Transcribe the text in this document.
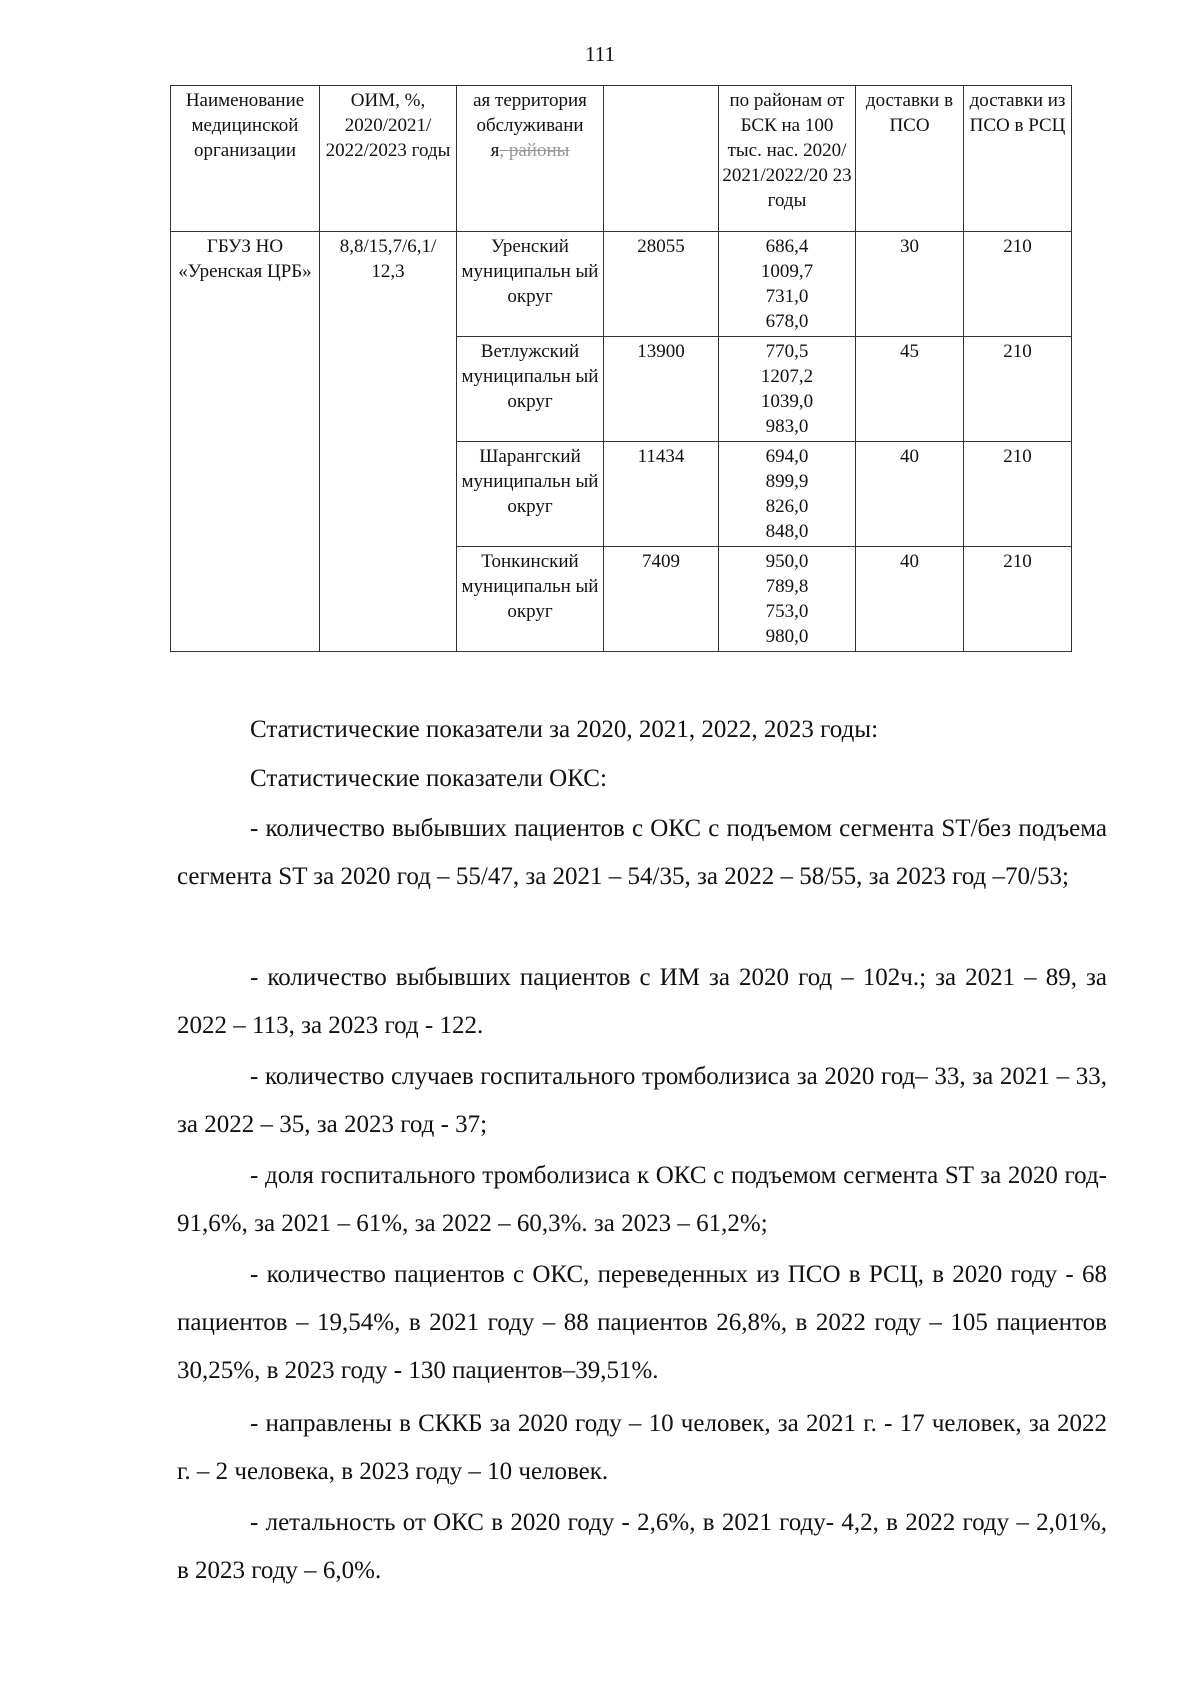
111
Наименование медицинской организации	ОИМ, %, 2020/2021/ 2022/2023 годы	ая территория обслуживани
я, районы		по районам от БСК на 100 тыс. нас. 2020/ 2021/2022/20 23 годы	доставки в ПСО	доставки из ПСО в РСЦ
ГБУЗ НО «Уренская ЦРБ»	8,8/15,7/6,1/ 12,3	Уренский муниципальн ый округ	28055	686,4
1009,7
731,0
678,0	30	210
		Ветлужский муниципальн ый округ	13900	770,5
1207,2
1039,0
983,0	45	210
		Шарангский муниципальн ый округ	11434	694,0
899,9
826,0
848,0	40	210
		Тонкинский муниципальн ый округ	7409	950,0
789,8
753,0
980,0	40	210

Статистические показатели за 2020, 2021, 2022, 2023 годы:

Статистические показатели ОКС:

- количество выбывших пациентов с ОКС с подъемом сегмента ST/без подъема сегмента ST за 2020 год – 55/47, за 2021 – 54/35, за 2022 – 58/55, за 2023 год –70/53;

- количество выбывших пациентов с ИМ за 2020 год – 102ч.; за 2021 – 89, за 2022 – 113, за 2023 год - 122.

- количество случаев госпитального тромболизиса за 2020 год– 33, за 2021 – 33, за 2022 – 35, за 2023 год - 37;

- доля госпитального тромболизиса к ОКС с подъемом сегмента ST за 2020 год- 91,6%, за 2021 – 61%, за 2022 – 60,3%. за 2023 – 61,2%;

- количество пациентов с ОКС, переведенных из ПСО в РСЦ, в 2020 году - 68 пациентов – 19,54%, в 2021 году – 88 пациентов 26,8%, в 2022 году – 105 пациентов 30,25%, в 2023 году - 130 пациентов–39,51%.

- направлены в СККБ за 2020 году – 10 человек, за 2021 г. - 17 человек, за 2022 г. – 2 человека, в 2023 году – 10 человек.

- летальность от ОКС в 2020 году - 2,6%, в 2021 году- 4,2, в 2022 году – 2,01%, в 2023 году – 6,0%.
